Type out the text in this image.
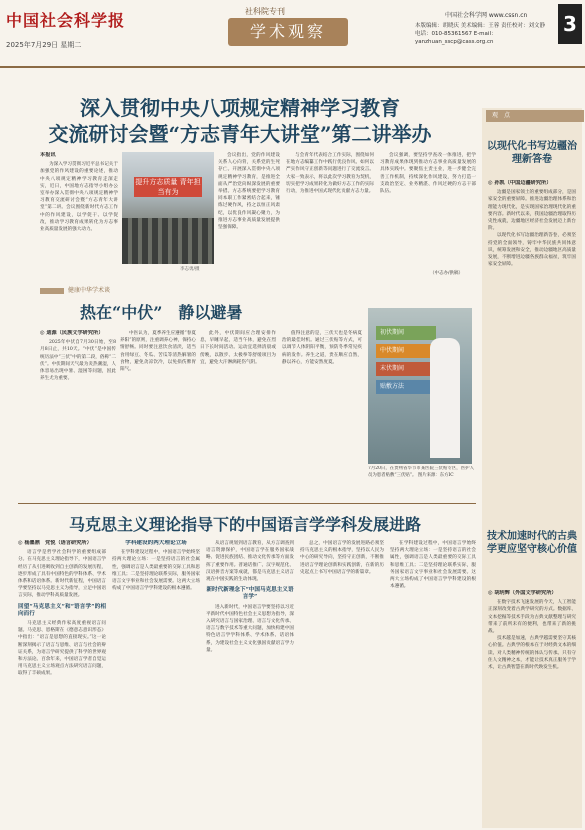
中国社会科学报
2025年7月29日 星期二
社科院专刊
学术观察
中国社会科学网 www.cssn.cn
本版编辑：胡晓庆 美术编辑：王蓉 责任校对：刘文静
电话：010-85361567 E-mail：yanzhuan_sscp@cass.org.cn
3
深入贯彻中央八项规定精神学习教育
交流研讨会暨“方志青年大讲堂”第二讲举办
本报讯

为深入学习贯彻习近平总书记关于加强党的作风建设的重要论述，推动中央八项规定精神学习教育走深走实，近日，中国地方志指导小组办公室举办深入贯彻中央八项规定精神学习教育交流研讨会暨“方志青年大讲堂”第二讲。会议围绕新时代方志工作中的作风建设，以学促干、以学促改，推动学习教育成果转化为方志事业高质量发展的强大动力。

提升方志质量 青年担当有为
李志勇/摄

会议指出，党的作风建设关系人心向背，关系党的生死存亡。开展深入贯彻中央八项规定精神学习教育，是推进全面从严治党向纵深发展的重要举措。方志系统要把学习教育同本职工作紧密结合起来，锤炼过硬作风，持之以恒正风肃纪，以优良作风凝心聚力，为推进方志事业高质量发展提供坚强保障。

与会青年代表结合工作实际，围绕如何在地方志编纂工作中践行优良作风、如何以严实作风守正创新等问题进行了交流发言。大家一致表示，将以此次学习教育为契机，切实把学习成果转化为做好方志工作的实际行动，为推进中国式现代化贡献方志力量。

会议强调，要坚持学查改一体推进，把学习教育成果体现到推动方志事业高质量发展的具体实践中。要聚焦主责主业，进一步健全完善工作机制，持续深化作风建设，努力打造一支政治坚定、业务精湛、作风过硬的方志干部队伍。

（中志办/供稿）
健康中华学术谈
热在“中伏”　静以避暑
◎ 迪源（民族文学研究所）

2025年中伏自7月30日始，至8月8日止，共10天。“中伏”是中国传统历法中“三伏”中的第二段，俗称“二伏”。中伏期间天气最为炎热潮湿，人体容易出现中暑、湿困等问题，因此养生尤为重要。

中医认为，夏季养生应遵循“春夏养阳”的原则，注重调养心神，保持心情舒畅。同时要注意饮食清淡，适当食用绿豆、冬瓜、苦瓜等清热解暑的食物，避免贪凉饮冷，以免损伤脾胃阳气。

此外，中伏期间应合理安排作息，早睡早起，适当午休，避免在烈日下长时间活动。运动宜选择清晨或傍晚，以散步、太极拳等舒缓项目为宜，避免大汗淋漓耗伤气阴。

值得注意的是，三伏天也是冬病夏治的最佳时机。通过三伏贴等方式，可以调节人体阴阳平衡，预防冬季常见疾病的发作。养生之道，贵在顺应自然，静以养心，方能安然度夏。

初伏期间
中伏期间
末伏期间
贴敷方法
7月20日，在贵州省毕节市某医院三伏贴专区，医护人员为患者贴敷“三伏贴”。 图片来源：东方IC
马克思主义理论指导下的中国语言学学科发展进路
◎ 杨墨鼎　党悦（语言研究所）

语言学是哲学社会科学的重要组成部分。在马克思主义理论指导下，中国语言学经历了从引进吸收到自主创新的发展历程，逐步形成了具有中国特色的学科体系、学术体系和话语体系。新时代新征程，中国语言学要坚持以马克思主义为指导，立足中国语言实际，推动学科高质量发展。

回望“马克思主义”和“语言学”的相向而行

马克思主义经典作家高度重视语言问题。马克思、恩格斯在《德意志意识形态》中指出：“语言是思想的直接现实。”这一论断深刻揭示了语言与思维、语言与社会的辩证关系，为语言学研究提供了科学的世界观和方法论。百余年来，中国语言学者自觉运用马克思主义立场观点方法研究语言问题，取得了丰硕成果。

学科建设的两大理论立场

在学科建设过程中，中国语言学始终坚持两大理论立场：一是坚持语言的社会属性，强调语言是人类最重要的交际工具和思维工具；二是坚持理论联系实际，服务国家语言文字事业和社会发展需要。这两大立场构成了中国语言学学科建设的根本遵循。

从语言规划到语言教育，从方言调查到语言资源保护，中国语言学在服务国家战略、促进民族团结、推动文化传承等方面发挥了重要作用。普通话推广、汉字规范化、汉语拼音方案等成就，都是马克思主义语言观在中国实践的生动体现。

新时代新理念下“中国马克思主义语言学”

进入新时代，中国语言学要坚持以习近平新时代中国特色社会主义思想为指导，深入研究语言与国家治理、语言与文化传承、语言与数字技术等重大问题，加快构建中国特色语言学学科体系、学术体系、话语体系，为建设社会主义文化强国贡献语言学力量。

总之，中国语言学的发展进路必须坚持马克思主义的根本指导，坚持以人民为中心的研究导向，坚持守正创新，不断推进语言学理论创新和实践创新，在新的历史起点上书写中国语言学的新篇章。

在学科建设过程中，中国语言学始终坚持两大理论立场：一是坚持语言的社会属性，强调语言是人类最重要的交际工具和思维工具；二是坚持理论联系实际，服务国家语言文字事业和社会发展需要。这两大立场构成了中国语言学学科建设的根本遵循。

观　点
以现代化书写边疆治理新答卷
◎ 孙凯（中国边疆研究所）

边疆是国家领土的重要组成部分，是国家安全的重要屏障。推进边疆治理体系和治理能力现代化，是实现国家治理现代化的重要内容。新时代以来，我国边疆治理取得历史性成就，边疆地区经济社会发展迈上新台阶。

以现代化书写边疆治理新答卷，必须坚持党的全面领导，铸牢中华民族共同体意识，统筹发展和安全，推动边疆地区高质量发展，不断增进边疆各族群众福祉，筑牢国家安全屏障。

技术加速时代的古典学更应坚守核心价值
◎ 胡玥辉（外国文学研究所）

在数字技术飞速发展的今天，人工智能正深刻改变着古典学研究的方式。数据库、文本挖掘等技术手段为古典文献整理与研究带来了前所未有的便利，也带来了新的挑战。

技术越是加速，古典学越需要坚守其核心价值。古典学的根本在于对经典文本的细读、对人类精神传统的体认与传承。只有守住人文精神之本，才能让技术真正服务于学术，让古典智慧在新时代焕发生机。
